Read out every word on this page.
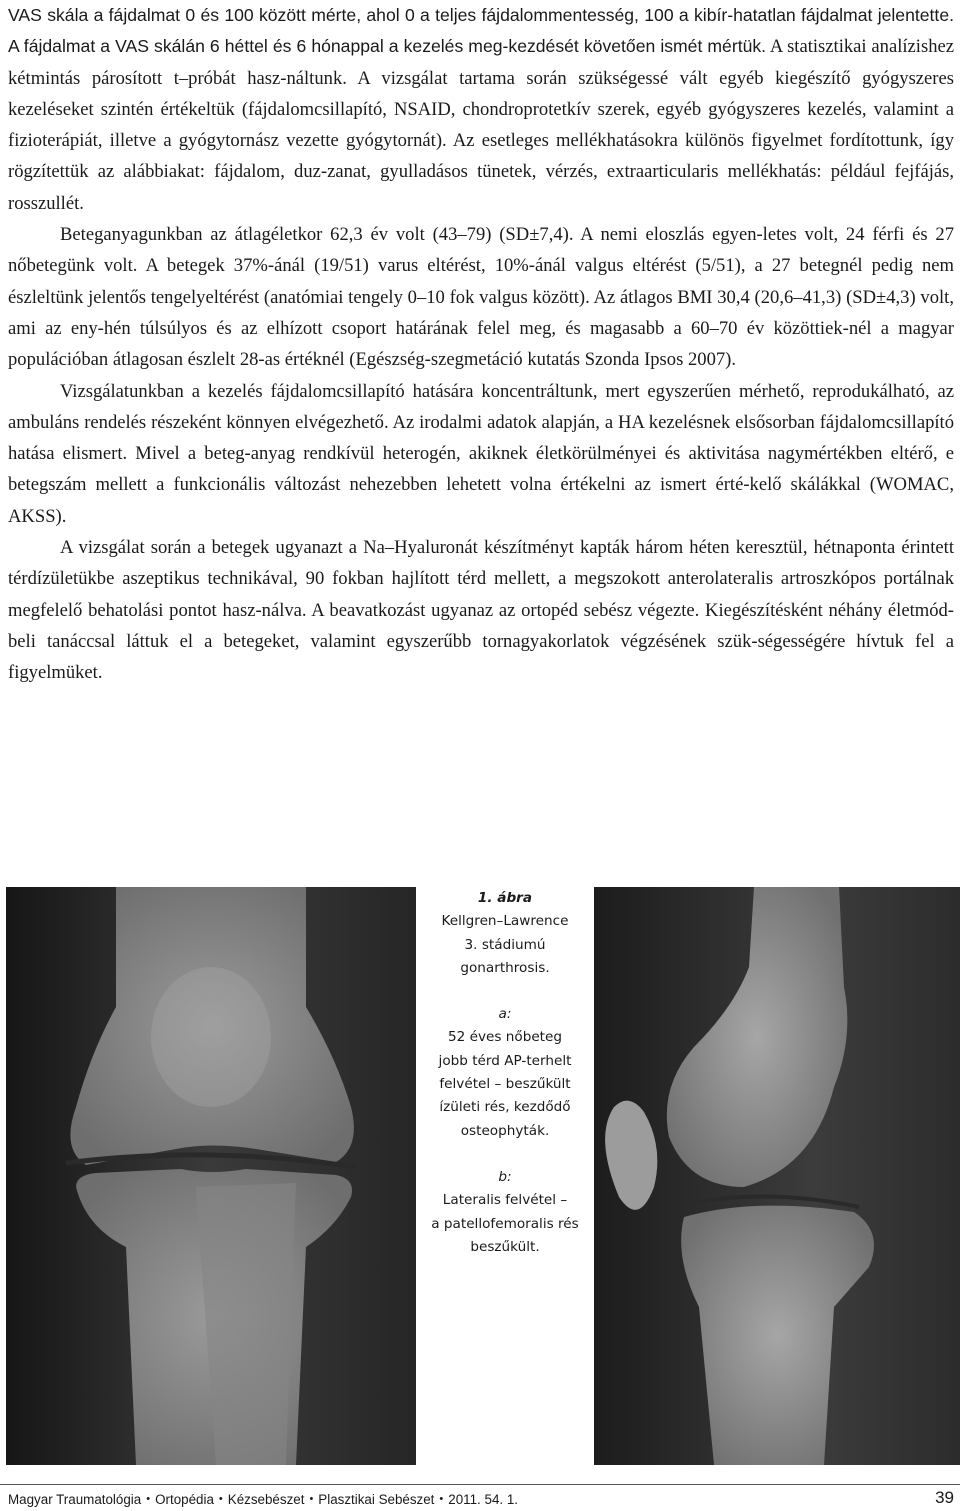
VAS skála a fájdalmat 0 és 100 között mérte, ahol 0 a teljes fájdalommentesség, 100 a kibír-hatatlan fájdalmat jelentette. A fájdalmat a VAS skálán 6 héttel és 6 hónappal a kezelés meg-kezdését követően ismét mértük. A statisztikai analízishez kétmintás párosított t–próbát hasz-náltunk. A vizsgálat tartama során szükségessé vált egyéb kiegészítő gyógyszeres kezeléseket szintén értékeltük (fájdalomcsillapító, NSAID, chondroprotetkív szerek, egyéb gyógyszeres kezelés, valamint a fizioterápiát, illetve a gyógytornász vezette gyógytornát). Az esetleges mellékhatásokra különös figyelmet fordítottunk, így rögzítettük az alábbiakat: fájdalom, duz-zanat, gyulladásos tünetek, vérzés, extraarticularis mellékhatás: például fejfájás, rosszullét.

Beteganyagunkban az átlagéletkor 62,3 év volt (43–79) (SD±7,4). A nemi eloszlás egyen-letes volt, 24 férfi és 27 nőbetegünk volt. A betegek 37%-ánál (19/51) varus eltérést, 10%-ánál valgus eltérést (5/51), a 27 betegnél pedig nem észleltünk jelentős tengelyeltérést (anatómiai tengely 0–10 fok valgus között). Az átlagos BMI 30,4 (20,6–41,3) (SD±4,3) volt, ami az eny-hén túlsúlyos és az elhízott csoport határának felel meg, és magasabb a 60–70 év közöttiek-nél a magyar populációban átlagosan észlelt 28-as értéknél (Egészség-szegmetáció kutatás Szonda Ipsos 2007).

Vizsgálatunkban a kezelés fájdalomcsillapító hatására koncentráltunk, mert egyszerűen mérhető, reprodukálható, az ambuláns rendelés részeként könnyen elvégezhető. Az irodalmi adatok alapján, a HA kezelésnek elsősorban fájdalomcsillapító hatása elismert. Mivel a beteg-anyag rendkívül heterogén, akiknek életkörülményei és aktivitása nagymértékben eltérő, e betegszám mellett a funkcionális változást nehezebben lehetett volna értékelni az ismert érté-kelő skálákkal (WOMAC, AKSS).

A vizsgálat során a betegek ugyanazt a Na–Hyaluronát készítményt kapták három héten keresztül, hétnaponta érintett térdízületükbe aszeptikus technikával, 90 fokban hajlított térd mellett, a megszokott anterolateralis artroszkópos portálnak megfelelő behatolási pontot hasz-nálva. A beavatkozást ugyanaz az ortopéd sebész végezte. Kiegészítésként néhány életmód-beli tanáccsal láttuk el a betegeket, valamint egyszerűbb tornagyakorlatok végzésének szük-ségességére hívtuk fel a figyelmüket.

1. ábra
Kellgren–Lawrence
3. stádiumú
gonarthrosis.
a:
52 éves nőbeteg
jobb térd AP-terhelt
felvétel – beszűkült
ízületi rés, kezdődő
osteophyták.
b:
Lateralis felvétel –
a patellofemoralis rés
beszűkült.
Magyar Traumatológia • Ortopédia • Kézsebészet • Plasztikai Sebészet • 2011. 54. 1.	39
